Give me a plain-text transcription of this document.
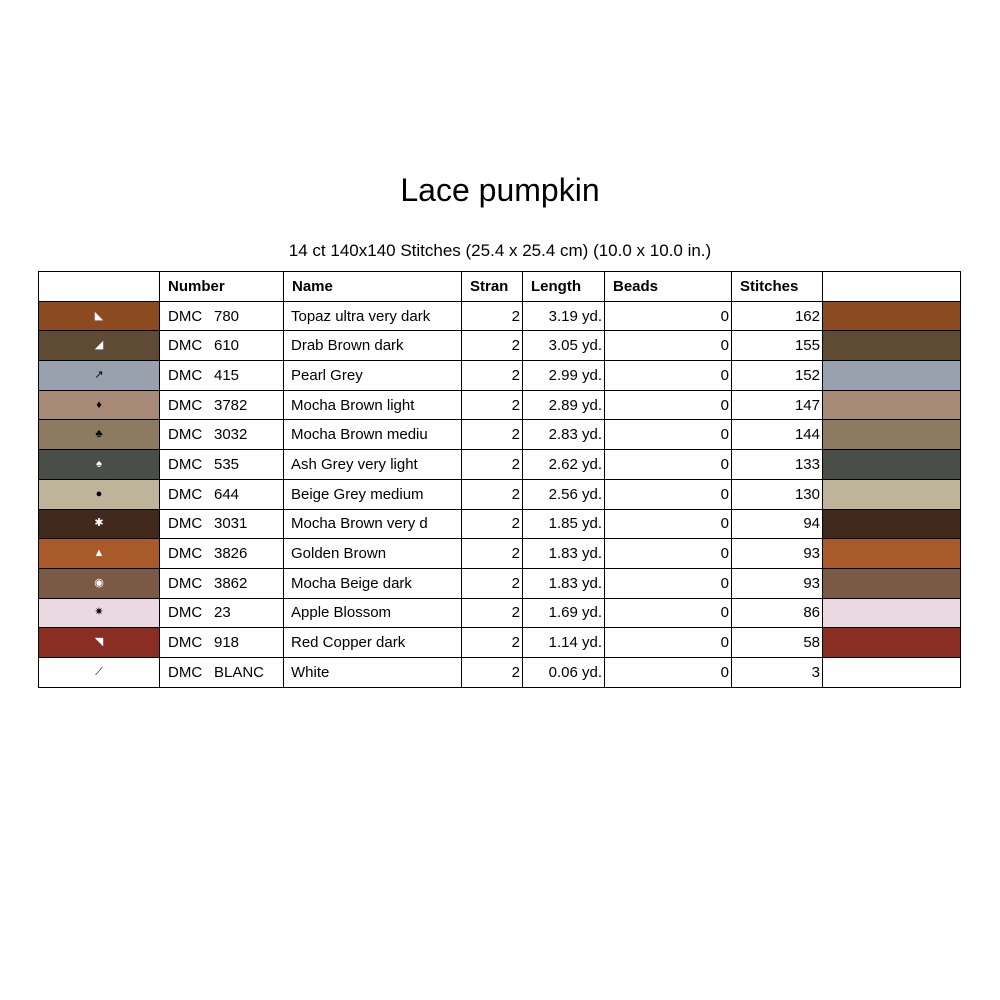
Lace pumpkin
14 ct 140x140 Stitches (25.4 x 25.4 cm) (10.0 x 10.0 in.)
	Number	Name	Stran	Length	Beads	Stitches	

◣	DMC 780	Topaz ultra very dark	2	3.19 yd.	0	162	

◢	DMC 610	Drab Brown dark	2	3.05 yd.	0	155	

↗	DMC 415	Pearl Grey	2	2.99 yd.	0	152	

♦	DMC 3782	Mocha Brown light	2	2.89 yd.	0	147	

♣	DMC 3032	Mocha Brown mediu	2	2.83 yd.	0	144	

♠	DMC 535	Ash Grey very light	2	2.62 yd.	0	133	

●	DMC 644	Beige Grey medium	2	2.56 yd.	0	130	

✱	DMC 3031	Mocha Brown very d	2	1.85 yd.	0	94	

▲	DMC 3826	Golden Brown	2	1.83 yd.	0	93	

◉	DMC 3862	Mocha Beige dark	2	1.83 yd.	0	93	

✷	DMC 23	Apple Blossom	2	1.69 yd.	0	86	

◥	DMC 918	Red Copper dark	2	1.14 yd.	0	58	

⟋	DMC BLANC	White	2	0.06 yd.	0	3	
